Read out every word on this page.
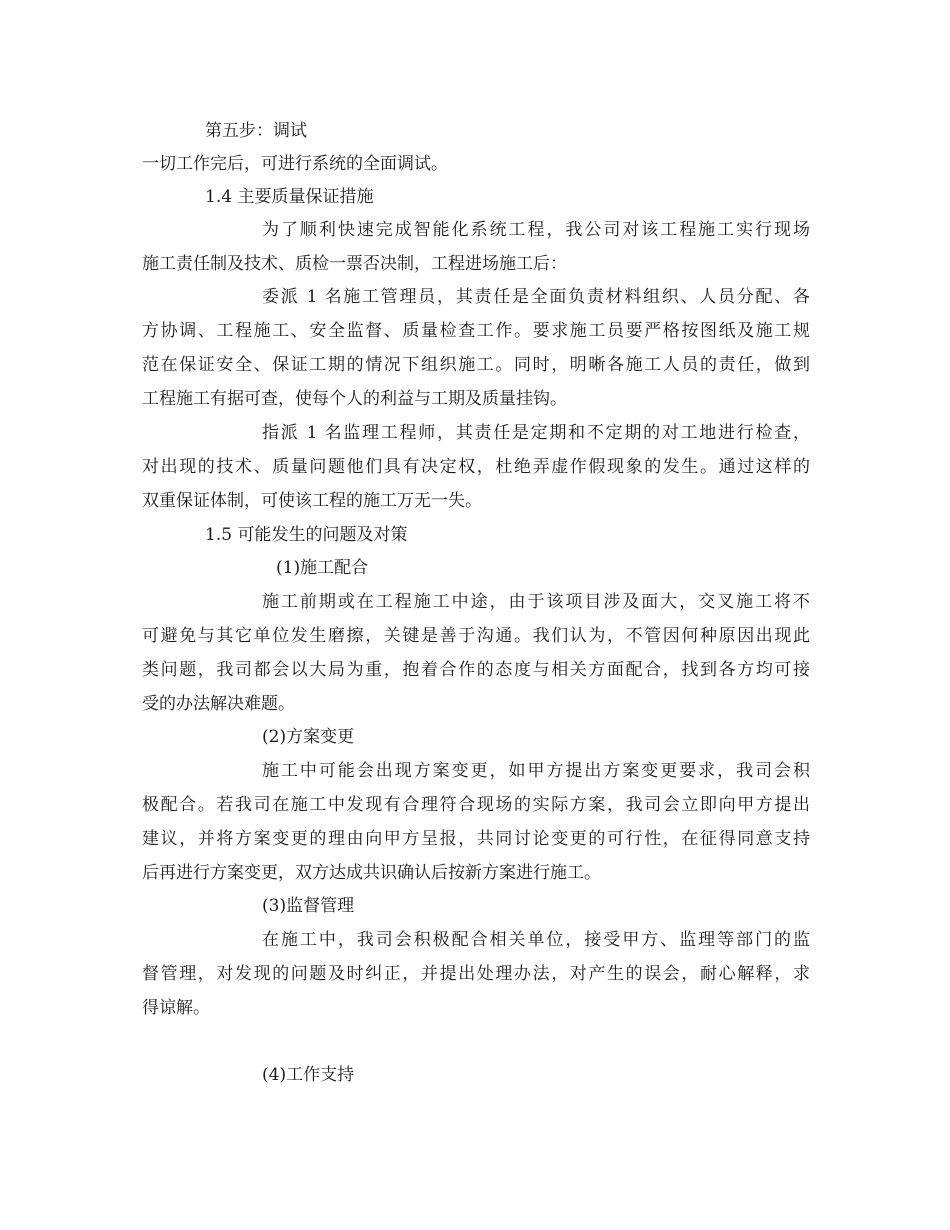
第五步：调试
一切工作完后，可进行系统的全面调试。
1.4 主要质量保证措施
为了顺利快速完成智能化系统工程，我公司对该工程施工实行现场
施工责任制及技术、质检一票否决制，工程进场施工后：
委派 1 名施工管理员，其责任是全面负责材料组织、人员分配、各
方协调、工程施工、安全监督、质量检查工作。要求施工员要严格按图纸及施工规
范在保证安全、保证工期的情况下组织施工。同时，明晰各施工人员的责任，做到
工程施工有据可查，使每个人的利益与工期及质量挂钩。
指派 1 名监理工程师，其责任是定期和不定期的对工地进行检查，
对出现的技术、质量问题他们具有决定权，杜绝弄虚作假现象的发生。通过这样的
双重保证体制，可使该工程的施工万无一失。
1.5 可能发生的问题及对策
(1)施工配合
施工前期或在工程施工中途，由于该项目涉及面大，交叉施工将不
可避免与其它单位发生磨擦，关键是善于沟通。我们认为，不管因何种原因出现此
类问题，我司都会以大局为重，抱着合作的态度与相关方面配合，找到各方均可接
受的办法解决难题。
(2)方案变更
施工中可能会出现方案变更，如甲方提出方案变更要求，我司会积
极配合。若我司在施工中发现有合理符合现场的实际方案，我司会立即向甲方提出
建议，并将方案变更的理由向甲方呈报，共同讨论变更的可行性，在征得同意支持
后再进行方案变更，双方达成共识确认后按新方案进行施工。
(3)监督管理
在施工中，我司会积极配合相关单位，接受甲方、监理等部门的监
督管理，对发现的问题及时纠正，并提出处理办法，对产生的误会，耐心解释，求
得谅解。
(4)工作支持
